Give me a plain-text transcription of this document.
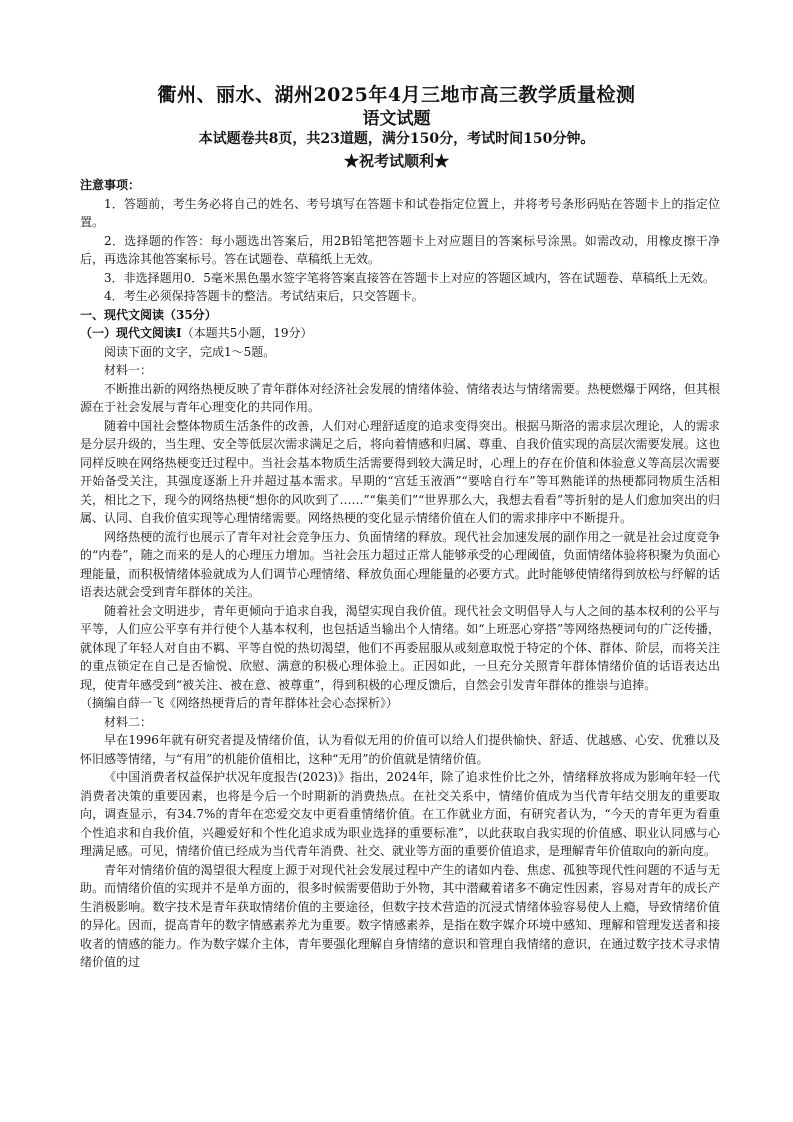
衢州、丽水、湖州2025年4月三地市高三教学质量检测
语文试题
本试题卷共8页，共23道题，满分150分，考试时间150分钟。
★祝考试顺利★

注意事项：

1．答题前，考生务必将自己的姓名、考号填写在答题卡和试卷指定位置上，并将考号条形码贴在答题卡上的指定位置。

2．选择题的作答：每小题选出答案后，用2B铅笔把答题卡上对应题目的答案标号涂黑。如需改动，用橡皮擦干净后，再选涂其他答案标号。答在试题卷、草稿纸上无效。

3．非选择题用0．5毫米黑色墨水签字笔将答案直接答在答题卡上对应的答题区域内，答在试题卷、草稿纸上无效。

4．考生必须保持答题卡的整洁。考试结束后，只交答题卡。

一、现代文阅读（35分）

（一）现代文阅读Ⅰ（本题共5小题，19分）

阅读下面的文字，完成1～5题。

材料一：

不断推出新的网络热梗反映了青年群体对经济社会发展的情绪体验、情绪表达与情绪需要。热梗燃爆于网络，但其根源在于社会发展与青年心理变化的共同作用。

随着中国社会整体物质生活条件的改善，人们对心理舒适度的追求变得突出。根据马斯洛的需求层次理论，人的需求是分层升级的，当生理、安全等低层次需求满足之后，将向着情感和归属、尊重、自我价值实现的高层次需要发展。这也同样反映在网络热梗变迁过程中。当社会基本物质生活需要得到较大满足时，心理上的存在价值和体验意义等高层次需要开始备受关注，其强度逐渐上升并超过基本需求。早期的“宫廷玉液酒”“要啥自行车”等耳熟能详的热梗都同物质生活相关，相比之下，现今的网络热梗“想你的风吹到了……”“集美们”“世界那么大，我想去看看”等折射的是人们愈加突出的归属、认同、自我价值实现等心理情绪需要。网络热梗的变化显示情绪价值在人们的需求排序中不断提升。

网络热梗的流行也展示了青年对社会竞争压力、负面情绪的释放。现代社会加速发展的副作用之一就是社会过度竞争的“内卷”，随之而来的是人的心理压力增加。当社会压力超过正常人能够承受的心理阈值，负面情绪体验将积聚为负面心理能量，而积极情绪体验就成为人们调节心理情绪、释放负面心理能量的必要方式。此时能够使情绪得到放松与纾解的话语表达就会受到青年群体的关注。

随着社会文明进步，青年更倾向于追求自我，渴望实现自我价值。现代社会文明倡导人与人之间的基本权利的公平与平等，人们应公平享有并行使个人基本权利，也包括适当输出个人情绪。如“上班恶心穿搭”等网络热梗词句的广泛传播，就体现了年轻人对自由不羁、平等自悦的热切渴望，他们不再委屈服从或刻意取悦于特定的个体、群体、阶层，而将关注的重点锁定在自己是否愉悦、欣慰、满意的积极心理体验上。正因如此，一旦充分关照青年群体情绪价值的话语表达出现，使青年感受到“被关注、被在意、被尊重”，得到积极的心理反馈后，自然会引发青年群体的推崇与追捧。

（摘编自薛一飞《网络热梗背后的青年群体社会心态探析》）

材料二：

早在1996年就有研究者提及情绪价值，认为看似无用的价值可以给人们提供愉快、舒适、优越感、心安、优雅以及怀旧感等情绪，与“有用”的机能价值相比，这种“无用”的价值就是情绪价值。

《中国消费者权益保护状况年度报告(2023)》指出，2024年，除了追求性价比之外，情绪释放将成为影响年轻一代消费者决策的重要因素，也将是今后一个时期新的消费热点。在社交关系中，情绪价值成为当代青年结交朋友的重要取向，调查显示，有34.7%的青年在恋爱交友中更看重情绪价值。在工作就业方面，有研究者认为，“今天的青年更为看重个性追求和自我价值，兴趣爱好和个性化追求成为职业选择的重要标准”，以此获取自我实现的价值感、职业认同感与心理满足感。可见，情绪价值已经成为当代青年消费、社交、就业等方面的重要价值追求，是理解青年价值取向的新向度。

青年对情绪价值的渴望很大程度上源于对现代社会发展过程中产生的诸如内卷、焦虑、孤独等现代性问题的不适与无助。而情绪价值的实现并不是单方面的，很多时候需要借助于外物，其中潜藏着诸多不确定性因素，容易对青年的成长产生消极影响。数字技术是青年获取情绪价值的主要途径，但数字技术营造的沉浸式情绪体验容易使人上瘾，导致情绪价值的异化。因而，提高青年的数字情感素养尤为重要。数字情感素养，是指在数字媒介环境中感知、理解和管理发送者和接收者的情感的能力。作为数字媒介主体，青年要强化理解自身情绪的意识和管理自我情绪的意识，在通过数字技术寻求情绪价值的过
